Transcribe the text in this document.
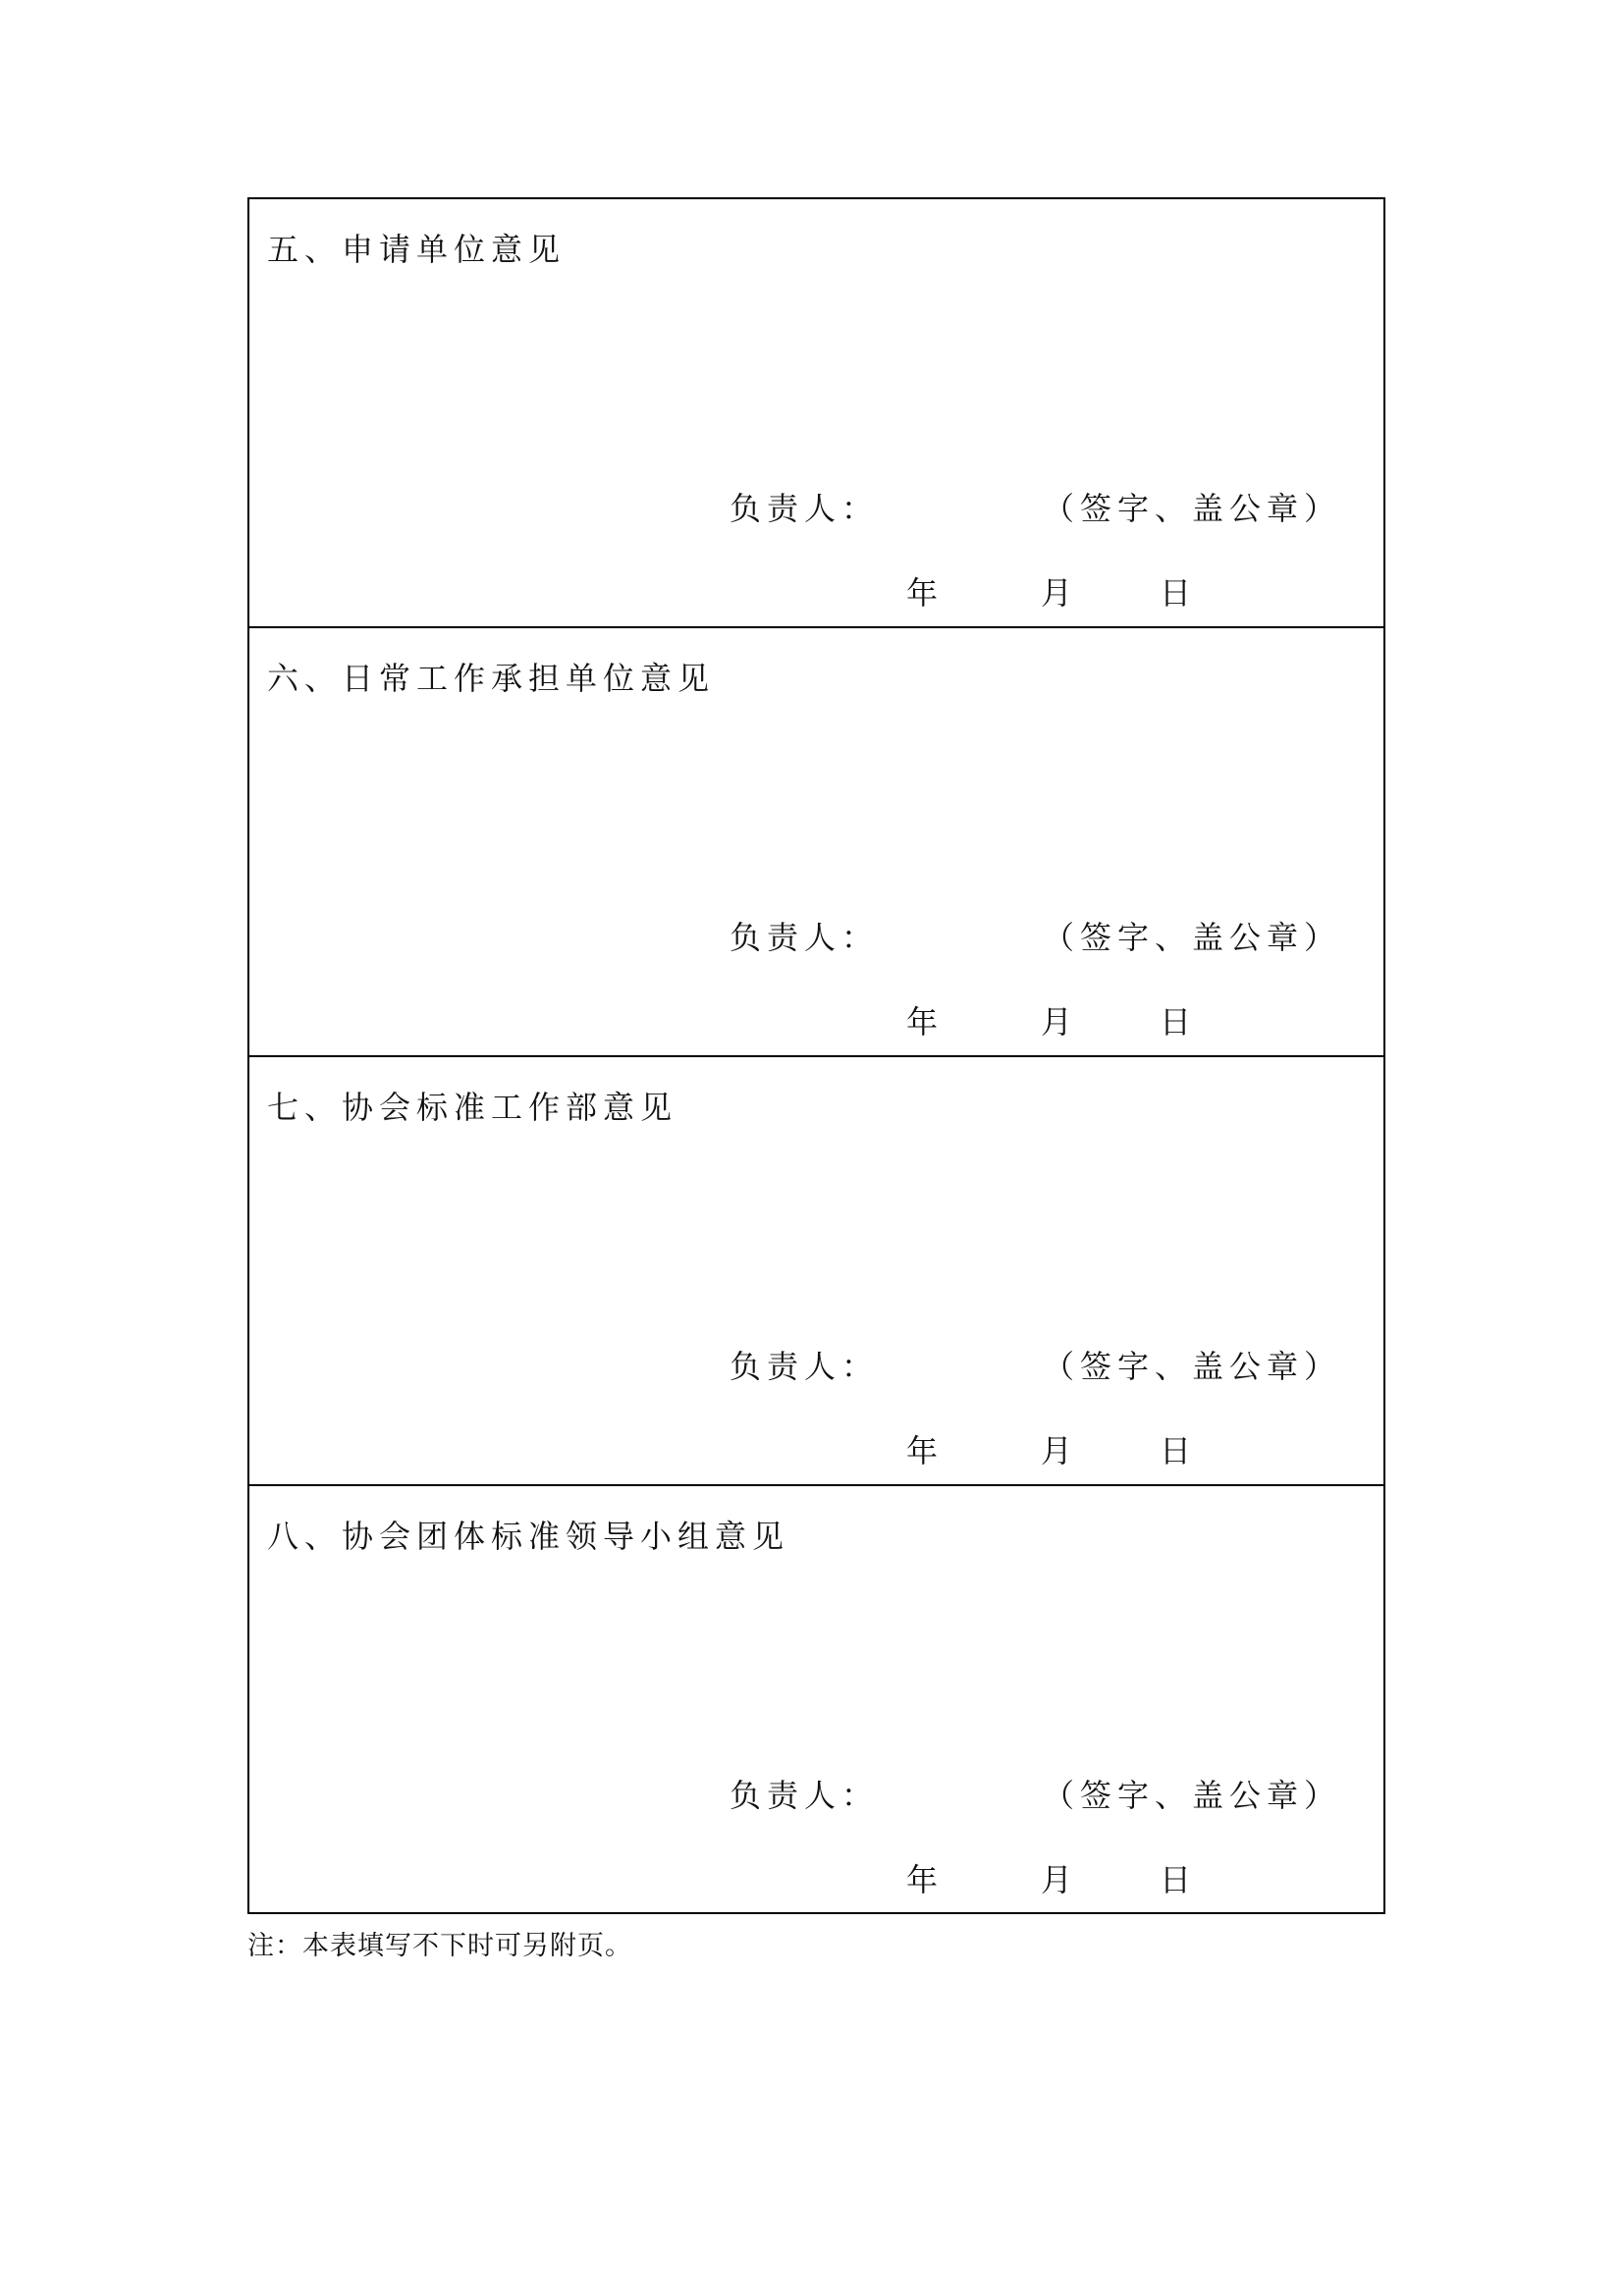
五、申请单位意见
负责人：	（签字、盖公章）
年	月	日
六、日常工作承担单位意见
负责人：	（签字、盖公章）
年	月	日
七、协会标准工作部意见
负责人：	（签字、盖公章）
年	月	日
八、协会团体标准领导小组意见
负责人：	（签字、盖公章）
年	月	日
注：本表填写不下时可另附页。
